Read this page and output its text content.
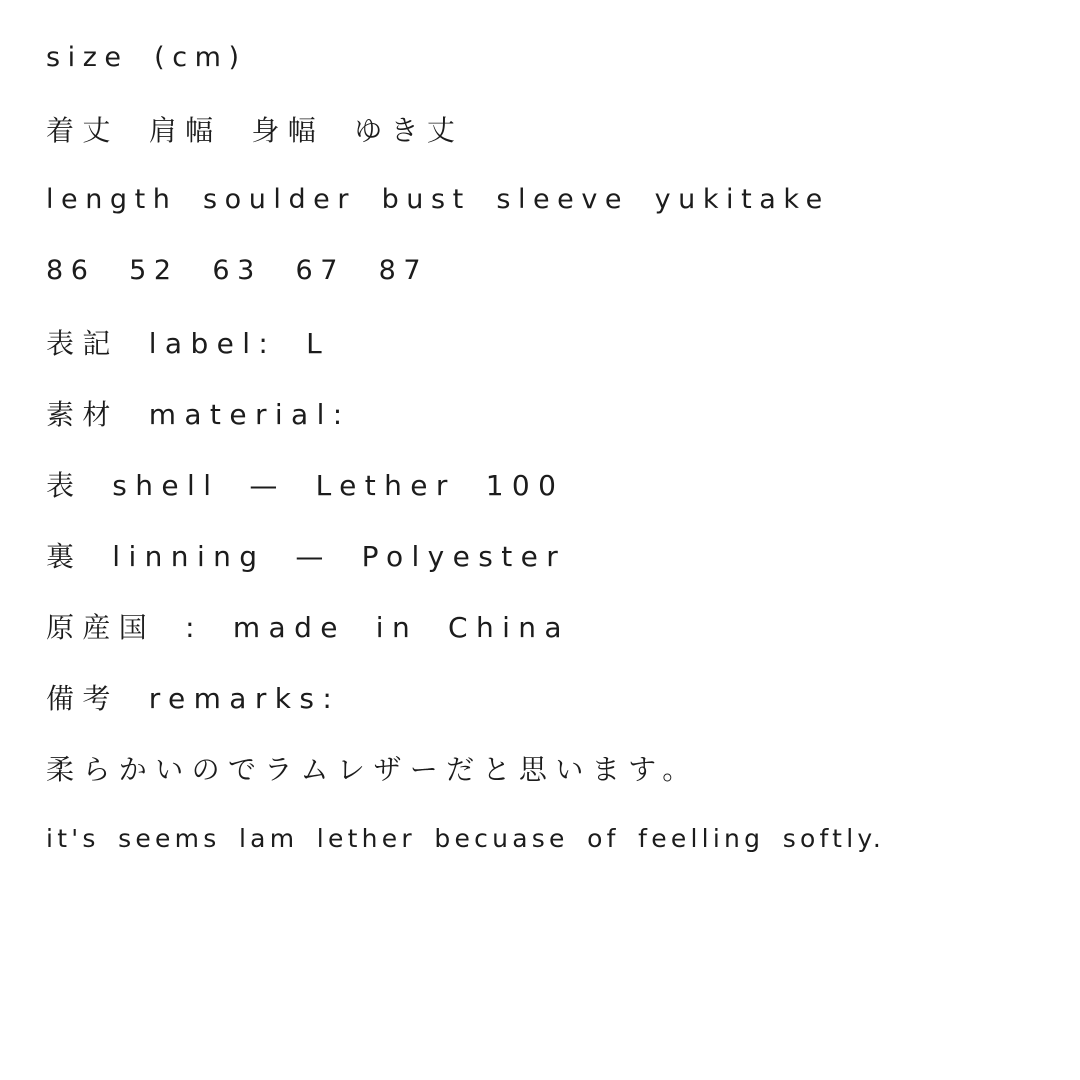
size (cm)
着丈 肩幅 身幅 ゆき丈
length soulder bust sleeve yukitake
86 52 63 67 87
表記 label: L
素材 material:
表 shell — Lether 100
裏 linning — Polyester
原産国 : made in China
備考 remarks:
柔らかいのでラムレザーだと思います。
it's seems lam lether becuase of feelling softly.
